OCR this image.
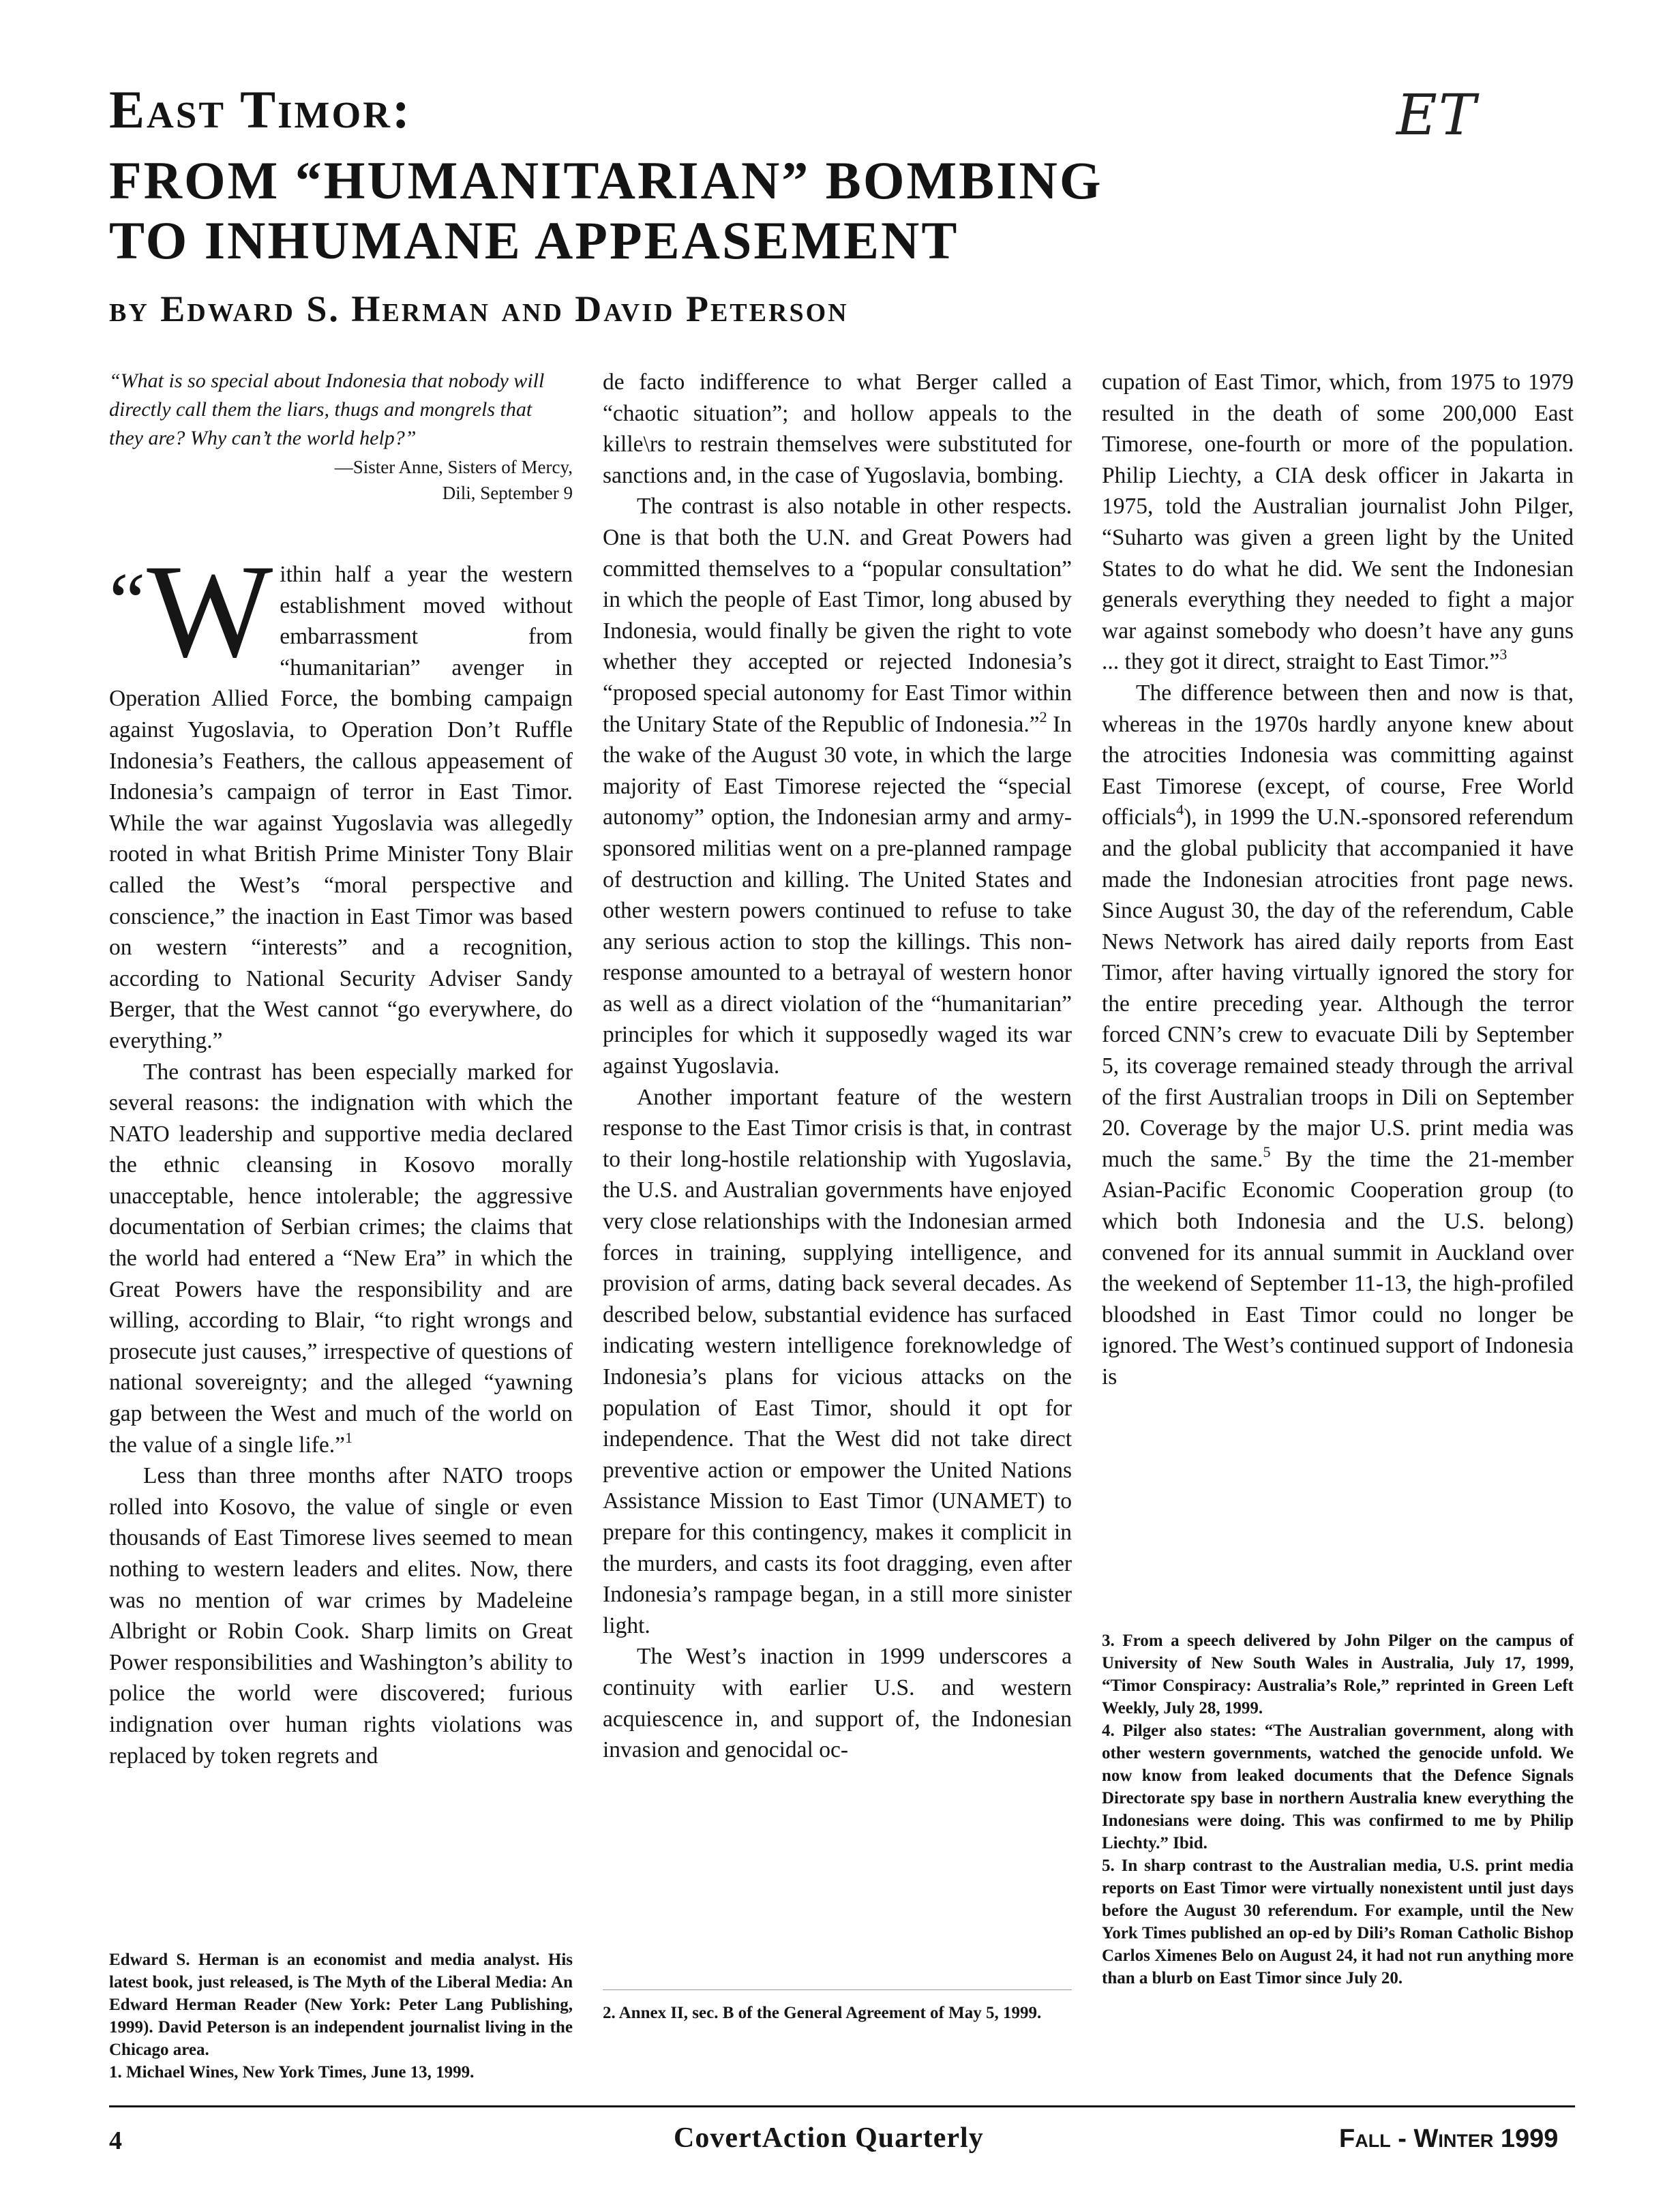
ET
East Timor:
FROM “HUMANITARIAN” BOMBING
TO INHUMANE APPEASEMENT
by Edward S. Herman and David Peterson
“What is so special about Indonesia that nobody will directly call them the liars, thugs and mongrels that they are? Why can’t the world help?”
—Sister Anne, Sisters of Mercy,
Dili, September 9

“W ithin half a year the western establishment moved without embarrassment from “humanitarian” avenger in Operation Allied Force, the bombing campaign against Yugoslavia, to Operation Don’t Ruffle Indonesia’s Feathers, the callous appeasement of Indonesia’s campaign of terror in East Timor. While the war against Yugoslavia was allegedly rooted in what British Prime Minister Tony Blair called the West’s “moral perspective and conscience,” the inaction in East Timor was based on western “interests” and a recognition, according to National Security Adviser Sandy Berger, that the West cannot “go everywhere, do everything.”

The contrast has been especially marked for several reasons: the indignation with which the NATO leadership and supportive media declared the ethnic cleansing in Kosovo morally unacceptable, hence intolerable; the aggressive documentation of Serbian crimes; the claims that the world had entered a “New Era” in which the Great Powers have the responsibility and are willing, according to Blair, “to right wrongs and prosecute just causes,” irrespective of questions of national sovereignty; and the alleged “yawning gap between the West and much of the world on the value of a single life.”$^1$

Less than three months after NATO troops rolled into Kosovo, the value of single or even thousands of East Timorese lives seemed to mean nothing to western leaders and elites. Now, there was no mention of war crimes by Madeleine Albright or Robin Cook. Sharp limits on Great Power responsibilities and Washington’s ability to police the world were discovered; furious indignation over human rights violations was replaced by token regrets and

de facto indifference to what Berger called a “chaotic situation”; and hollow appeals to the kille\rs to restrain themselves were substituted for sanctions and, in the case of Yugoslavia, bombing.

The contrast is also notable in other respects. One is that both the U.N. and Great Powers had committed themselves to a “popular consultation” in which the people of East Timor, long abused by Indonesia, would finally be given the right to vote whether they accepted or rejected Indonesia’s “proposed special autonomy for East Timor within the Unitary State of the Republic of Indonesia.”$^2$ In the wake of the August 30 vote, in which the large majority of East Timorese rejected the “special autonomy” option, the Indonesian army and army-sponsored militias went on a pre-planned rampage of destruction and killing. The United States and other western powers continued to refuse to take any serious action to stop the killings. This non-response amounted to a betrayal of western honor as well as a direct violation of the “humanitarian” principles for which it supposedly waged its war against Yugoslavia.

Another important feature of the western response to the East Timor crisis is that, in contrast to their long-hostile relationship with Yugoslavia, the U.S. and Australian governments have enjoyed very close relationships with the Indonesian armed forces in training, supplying intelligence, and provision of arms, dating back several decades. As described below, substantial evidence has surfaced indicating western intelligence foreknowledge of Indonesia’s plans for vicious attacks on the population of East Timor, should it opt for independence. That the West did not take direct preventive action or empower the United Nations Assistance Mission to East Timor (UNAMET) to prepare for this contingency, makes it complicit in the murders, and casts its foot dragging, even after Indonesia’s rampage began, in a still more sinister light.

The West’s inaction in 1999 underscores a continuity with earlier U.S. and western acquiescence in, and support of, the Indonesian invasion and genocidal oc-

cupation of East Timor, which, from 1975 to 1979 resulted in the death of some 200,000 East Timorese, one-fourth or more of the population. Philip Liechty, a CIA desk officer in Jakarta in 1975, told the Australian journalist John Pilger, “Suharto was given a green light by the United States to do what he did. We sent the Indonesian generals everything they needed to fight a major war against somebody who doesn’t have any guns ... they got it direct, straight to East Timor.”$^3$

The difference between then and now is that, whereas in the 1970s hardly anyone knew about the atrocities Indonesia was committing against East Timorese (except, of course, Free World officials$^4$), in 1999 the U.N.-sponsored referendum and the global publicity that accompanied it have made the Indonesian atrocities front page news. Since August 30, the day of the referendum, Cable News Network has aired daily reports from East Timor, after having virtually ignored the story for the entire preceding year. Although the terror forced CNN’s crew to evacuate Dili by September 5, its coverage remained steady through the arrival of the first Australian troops in Dili on September 20. Coverage by the major U.S. print media was much the same.$^5$ By the time the 21-member Asian-Pacific Economic Cooperation group (to which both Indonesia and the U.S. belong) convened for its annual summit in Auckland over the weekend of September 11-13, the high-profiled bloodshed in East Timor could no longer be ignored. The West’s continued support of Indonesia is

Edward S. Herman is an economist and media analyst. His latest book, just released, is The Myth of the Liberal Media: An Edward Herman Reader (New York: Peter Lang Publishing, 1999). David Peterson is an independent journalist living in the Chicago area.

1. Michael Wines, New York Times, June 13, 1999.

2. Annex II, sec. B of the General Agreement of May 5, 1999.

3. From a speech delivered by John Pilger on the campus of University of New South Wales in Australia, July 17, 1999, “Timor Conspiracy: Australia’s Role,” reprinted in Green Left Weekly, July 28, 1999.

4. Pilger also states: “The Australian government, along with other western governments, watched the genocide unfold. We now know from leaked documents that the Defence Signals Directorate spy base in northern Australia knew everything the Indonesians were doing. This was confirmed to me by Philip Liechty.” Ibid.

5. In sharp contrast to the Australian media, U.S. print media reports on East Timor were virtually nonexistent until just days before the August 30 referendum. For example, until the New York Times published an op-ed by Dili’s Roman Catholic Bishop Carlos Ximenes Belo on August 24, it had not run anything more than a blurb on East Timor since July 20.

4	CovertAction Quarterly	Fall - Winter 1999
